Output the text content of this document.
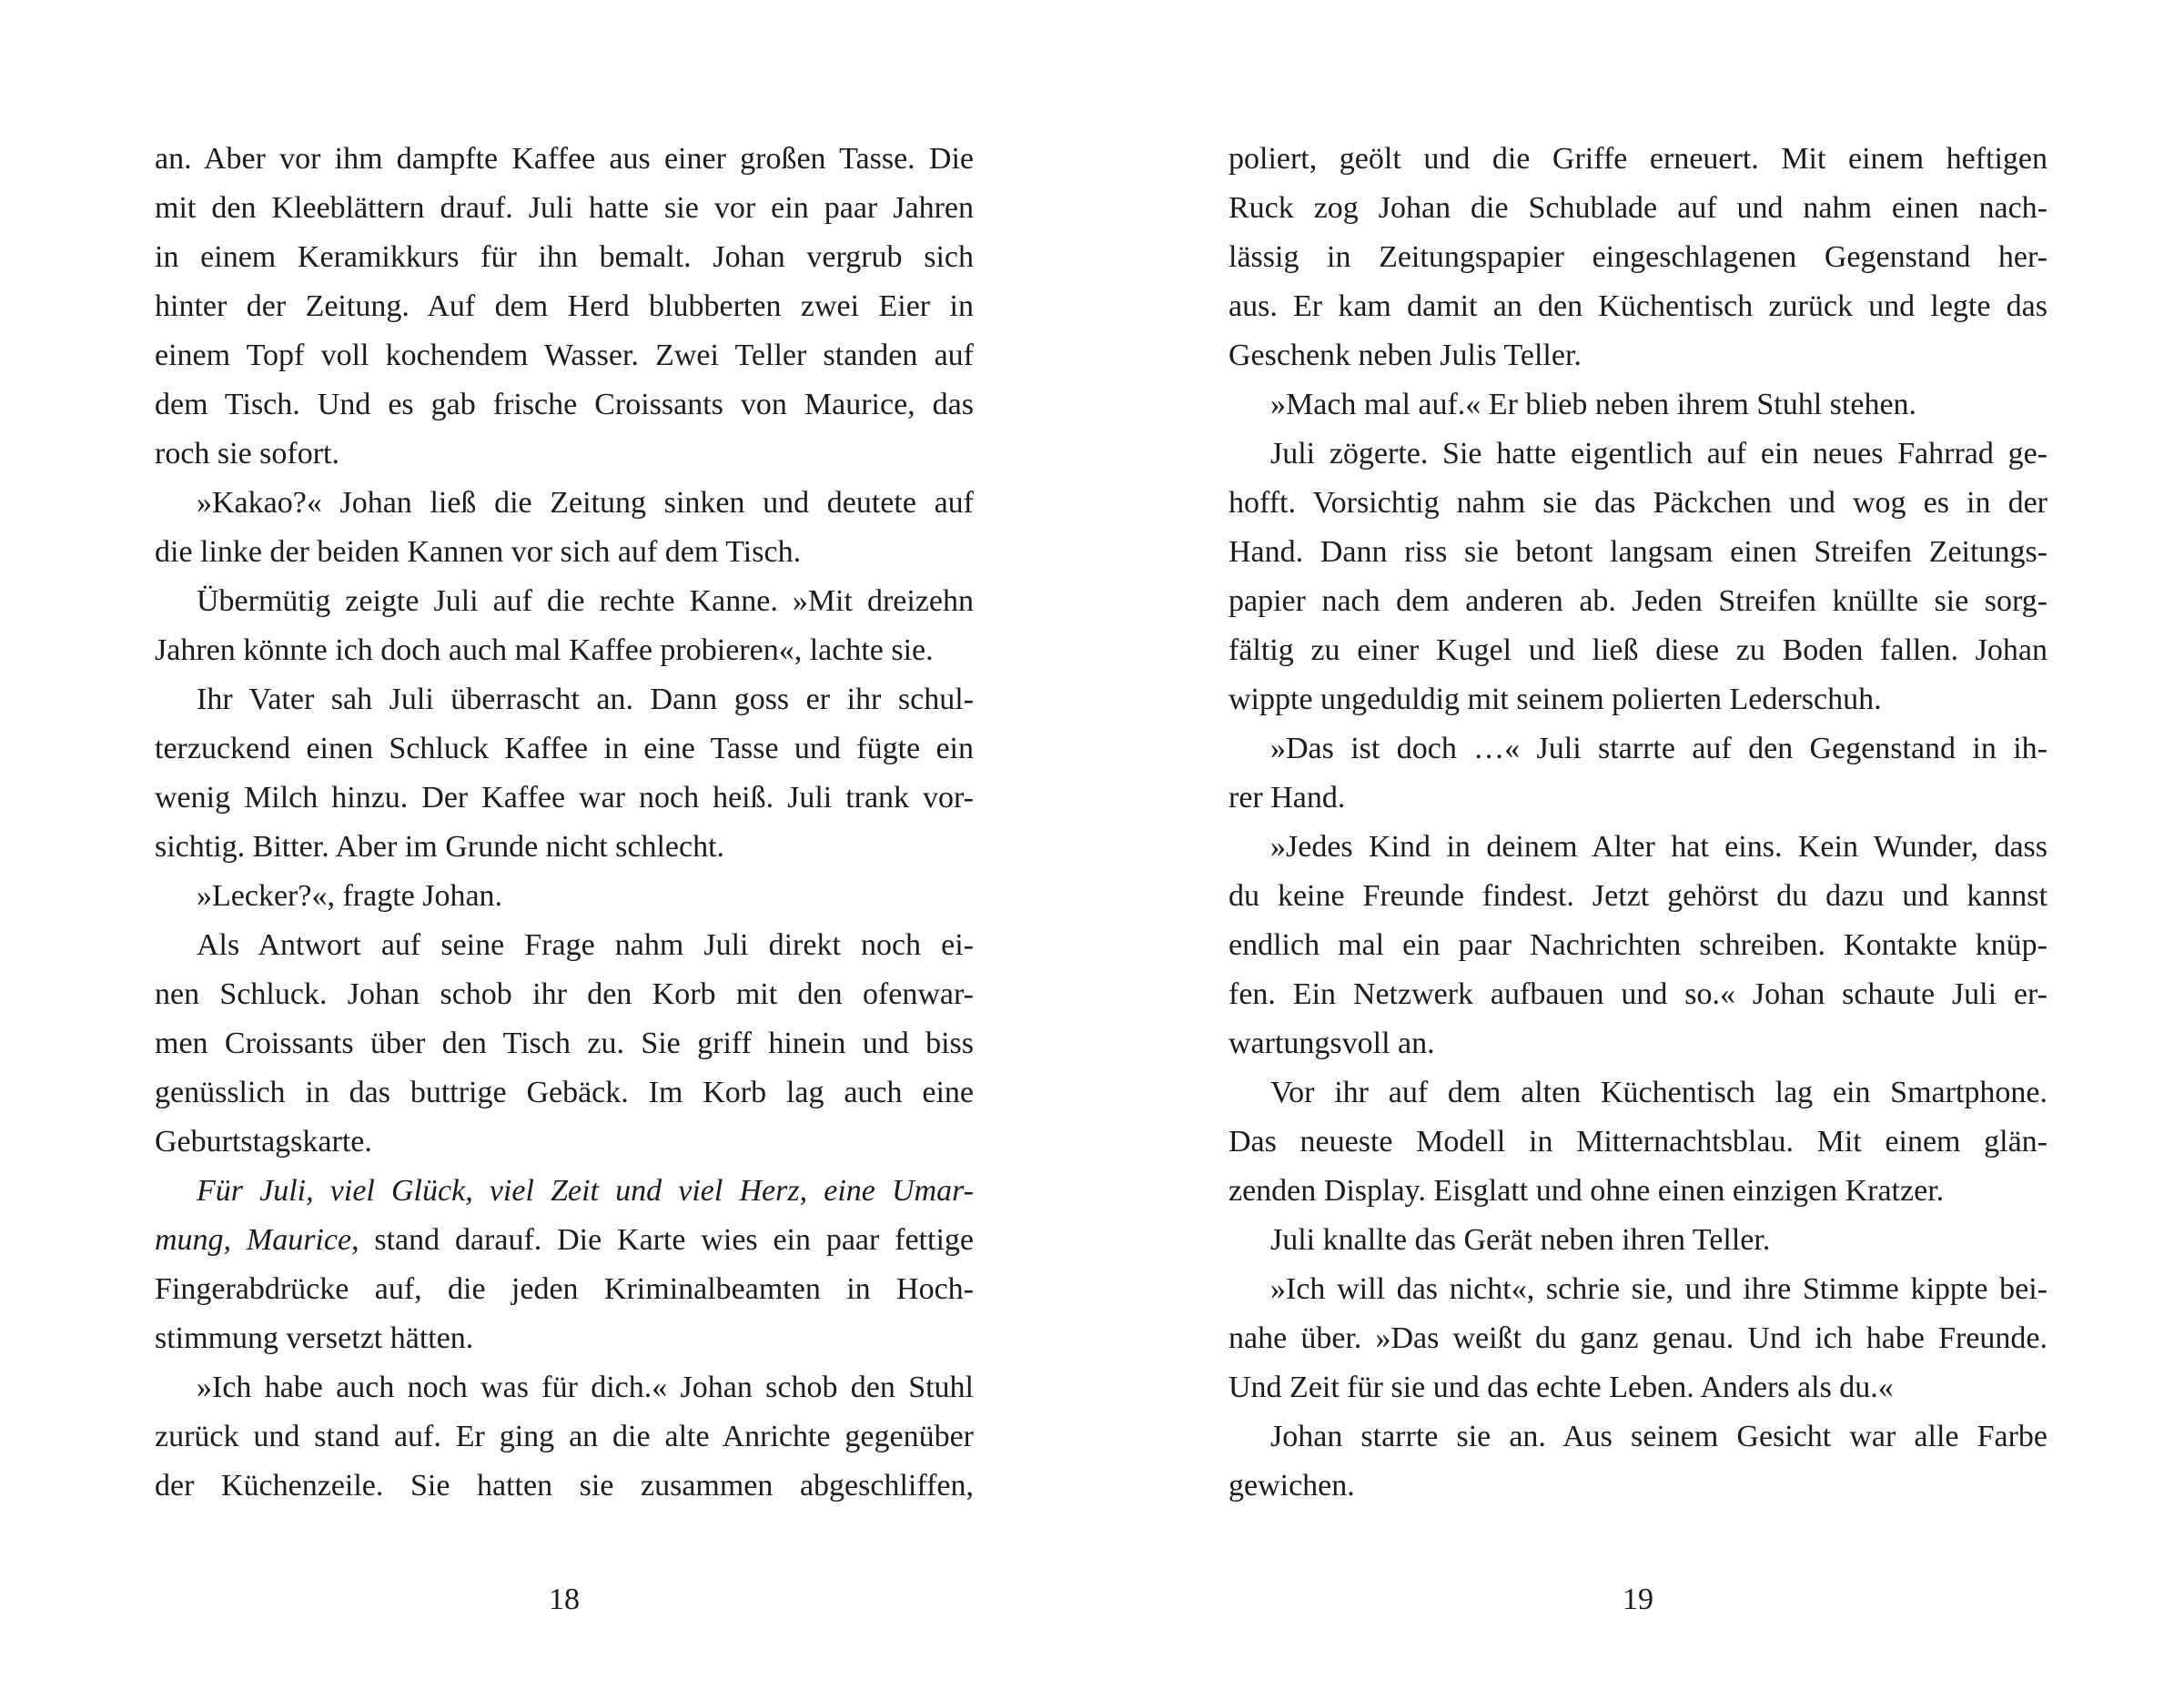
an. Aber vor ihm dampfte Kaffee aus einer großen Tasse. Die
mit den Kleeblättern drauf. Juli hatte sie vor ein paar Jahren
in einem Keramikkurs für ihn bemalt. Johan vergrub sich
hinter der Zeitung. Auf dem Herd blubberten zwei Eier in
einem Topf voll kochendem Wasser. Zwei Teller standen auf
dem Tisch. Und es gab frische Croissants von Maurice, das
roch sie sofort.
»Kakao?« Johan ließ die Zeitung sinken und deutete auf
die linke der beiden Kannen vor sich auf dem Tisch.
Übermütig zeigte Juli auf die rechte Kanne. »Mit dreizehn
Jahren könnte ich doch auch mal Kaffee probieren«, lachte sie.
Ihr Vater sah Juli überrascht an. Dann goss er ihr schul-
terzuckend einen Schluck Kaffee in eine Tasse und fügte ein
wenig Milch hinzu. Der Kaffee war noch heiß. Juli trank vor-
sichtig. Bitter. Aber im Grunde nicht schlecht.
»Lecker?«, fragte Johan.
Als Antwort auf seine Frage nahm Juli direkt noch ei-
nen Schluck. Johan schob ihr den Korb mit den ofenwar-
men Croissants über den Tisch zu. Sie griff hinein und biss
genüsslich in das buttrige Gebäck. Im Korb lag auch eine
Geburtstagskarte.
Für Juli, viel Glück, viel Zeit und viel Herz, eine Umar-
mung, Maurice, stand darauf. Die Karte wies ein paar fettige
Fingerabdrücke auf, die jeden Kriminalbeamten in Hoch-
stimmung versetzt hätten.
»Ich habe auch noch was für dich.« Johan schob den Stuhl
zurück und stand auf. Er ging an die alte Anrichte gegenüber
der Küchenzeile. Sie hatten sie zusammen abgeschliffen,
18
poliert, geölt und die Griffe erneuert. Mit einem heftigen
Ruck zog Johan die Schublade auf und nahm einen nach-
lässig in Zeitungspapier eingeschlagenen Gegenstand her-
aus. Er kam damit an den Küchentisch zurück und legte das
Geschenk neben Julis Teller.
»Mach mal auf.« Er blieb neben ihrem Stuhl stehen.
Juli zögerte. Sie hatte eigentlich auf ein neues Fahrrad ge-
hofft. Vorsichtig nahm sie das Päckchen und wog es in der
Hand. Dann riss sie betont langsam einen Streifen Zeitungs-
papier nach dem anderen ab. Jeden Streifen knüllte sie sorg-
fältig zu einer Kugel und ließ diese zu Boden fallen. Johan
wippte ungeduldig mit seinem polierten Lederschuh.
»Das ist doch …« Juli starrte auf den Gegenstand in ih-
rer Hand.
»Jedes Kind in deinem Alter hat eins. Kein Wunder, dass
du keine Freunde findest. Jetzt gehörst du dazu und kannst
endlich mal ein paar Nachrichten schreiben. Kontakte knüp-
fen. Ein Netzwerk aufbauen und so.« Johan schaute Juli er-
wartungsvoll an.
Vor ihr auf dem alten Küchentisch lag ein Smartphone.
Das neueste Modell in Mitternachtsblau. Mit einem glän-
zenden Display. Eisglatt und ohne einen einzigen Kratzer.
Juli knallte das Gerät neben ihren Teller.
»Ich will das nicht«, schrie sie, und ihre Stimme kippte bei-
nahe über. »Das weißt du ganz genau. Und ich habe Freunde.
Und Zeit für sie und das echte Leben. Anders als du.«
Johan starrte sie an. Aus seinem Gesicht war alle Farbe
gewichen.
19
